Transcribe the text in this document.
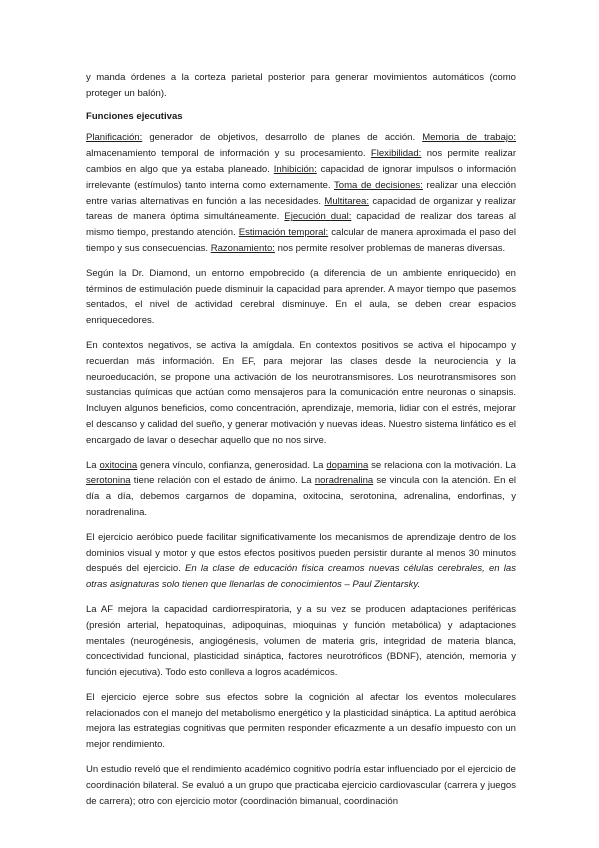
y manda órdenes a la corteza parietal posterior para generar movimientos automáticos (como proteger un balón).

Funciones ejecutivas

Planificación: generador de objetivos, desarrollo de planes de acción. Memoria de trabajo: almacenamiento temporal de información y su procesamiento. Flexibilidad: nos permite realizar cambios en algo que ya estaba planeado. Inhibición: capacidad de ignorar impulsos o información irrelevante (estímulos) tanto interna como externamente. Toma de decisiones: realizar una elección entre varias alternativas en función a las necesidades. Multitarea: capacidad de organizar y realizar tareas de manera óptima simultáneamente. Ejecución dual: capacidad de realizar dos tareas al mismo tiempo, prestando atención. Estimación temporal: calcular de manera aproximada el paso del tiempo y sus consecuencias. Razonamiento: nos permite resolver problemas de maneras diversas.

Según la Dr. Diamond, un entorno empobrecido (a diferencia de un ambiente enriquecido) en términos de estimulación puede disminuir la capacidad para aprender. A mayor tiempo que pasemos sentados, el nivel de actividad cerebral disminuye. En el aula, se deben crear espacios enriquecedores.

En contextos negativos, se activa la amígdala. En contextos positivos se activa el hipocampo y recuerdan más información. En EF, para mejorar las clases desde la neurociencia y la neuroeducación, se propone una activación de los neurotransmisores. Los neurotransmisores son sustancias químicas que actúan como mensajeros para la comunicación entre neuronas o sinapsis. Incluyen algunos beneficios, como concentración, aprendizaje, memoria, lidiar con el estrés, mejorar el descanso y calidad del sueño, y generar motivación y nuevas ideas. Nuestro sistema linfático es el encargado de lavar o desechar aquello que no nos sirve.

La oxitocina genera vínculo, confianza, generosidad. La dopamina se relaciona con la motivación. La serotonina tiene relación con el estado de ánimo. La noradrenalina se vincula con la atención. En el día a día, debemos cargarnos de dopamina, oxitocina, serotonina, adrenalina, endorfinas, y noradrenalina.

El ejercicio aeróbico puede facilitar significativamente los mecanismos de aprendizaje dentro de los dominios visual y motor y que estos efectos positivos pueden persistir durante al menos 30 minutos después del ejercicio. En la clase de educación física creamos nuevas células cerebrales, en las otras asignaturas solo tienen que llenarlas de conocimientos – Paul Zientarsky.

La AF mejora la capacidad cardiorrespiratoria, y a su vez se producen adaptaciones periféricas (presión arterial, hepatoquinas, adipoquinas, mioquinas y función metabólica) y adaptaciones mentales (neurogénesis, angiogénesis, volumen de materia gris, integridad de materia blanca, concectividad funcional, plasticidad sináptica, factores neurotróficos (BDNF), atención, memoria y función ejecutiva). Todo esto conlleva a logros académicos.

El ejercicio ejerce sobre sus efectos sobre la cognición al afectar los eventos moleculares relacionados con el manejo del metabolismo energético y la plasticidad sináptica. La aptitud aeróbica mejora las estrategias cognitivas que permiten responder eficazmente a un desafío impuesto con un mejor rendimiento.

Un estudio reveló que el rendimiento académico cognitivo podría estar influenciado por el ejercicio de coordinación bilateral. Se evaluó a un grupo que practicaba ejercicio cardiovascular (carrera y juegos de carrera); otro con ejercicio motor (coordinación bimanual, coordinación
